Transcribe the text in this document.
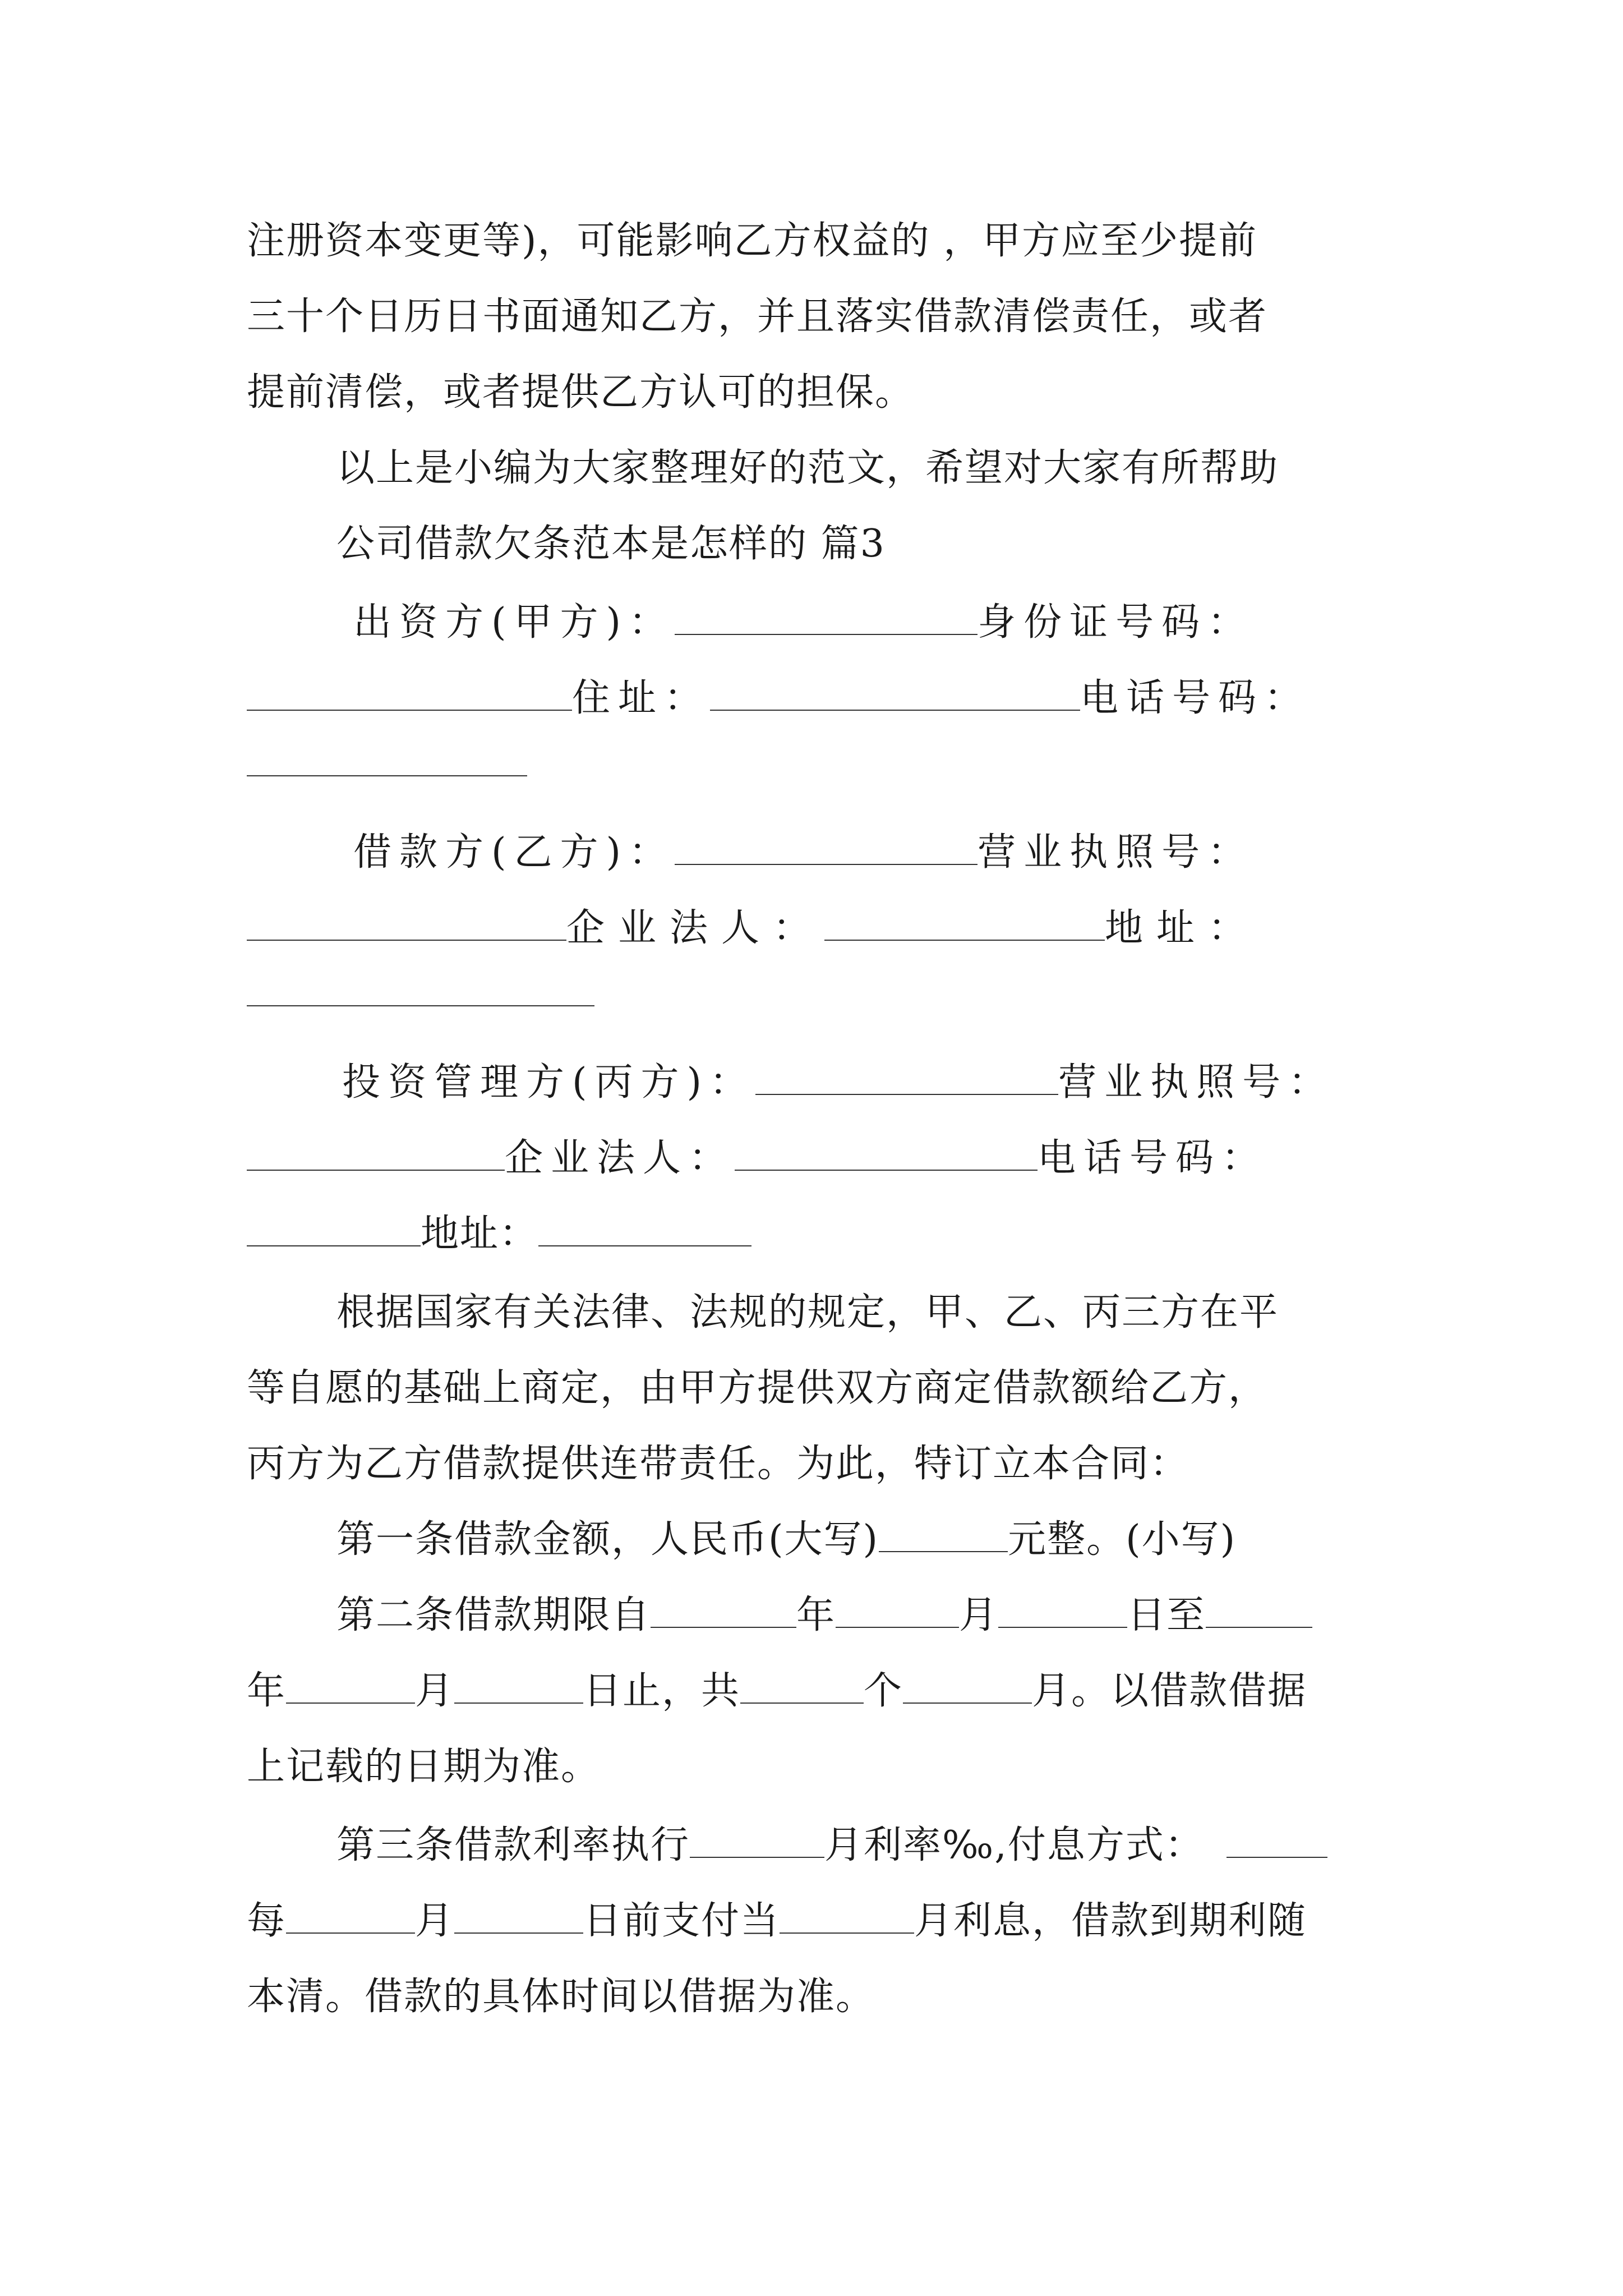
注册资本变更等)，可能影响乙方权益的 ，甲方应至少提前
三十个日历日书面通知乙方，并且落实借款清偿责任，或者
提前清偿，或者提供乙方认可的担保。
以上是小编为大家整理好的范文，希望对大家有所帮助
公司借款欠条范本是怎样的 篇3
出资方(甲方)：	身份证号码：
住址：	电话号码：
借款方(乙方)：	营业执照号：
企业法人：	地址：
投资管理方(丙方)：	营业执照号：
企业法人：	电话号码：
地址：
根据国家有关法律、法规的规定，甲、乙、丙三方在平
等自愿的基础上商定，由甲方提供双方商定借款额给乙方，
丙方为乙方借款提供连带责任。为此，特订立本合同：
第一条借款金额，人民币(大写)	元整。(小写)
第二条借款期限自	年	月	日至
年	月	日止，共	个	月。以借款借据
上记载的日期为准。
第三条借款利率执行	月利率‰,付息方式：
每	月	日前支付当	月利息，借款到期利随
本清。借款的具体时间以借据为准。
